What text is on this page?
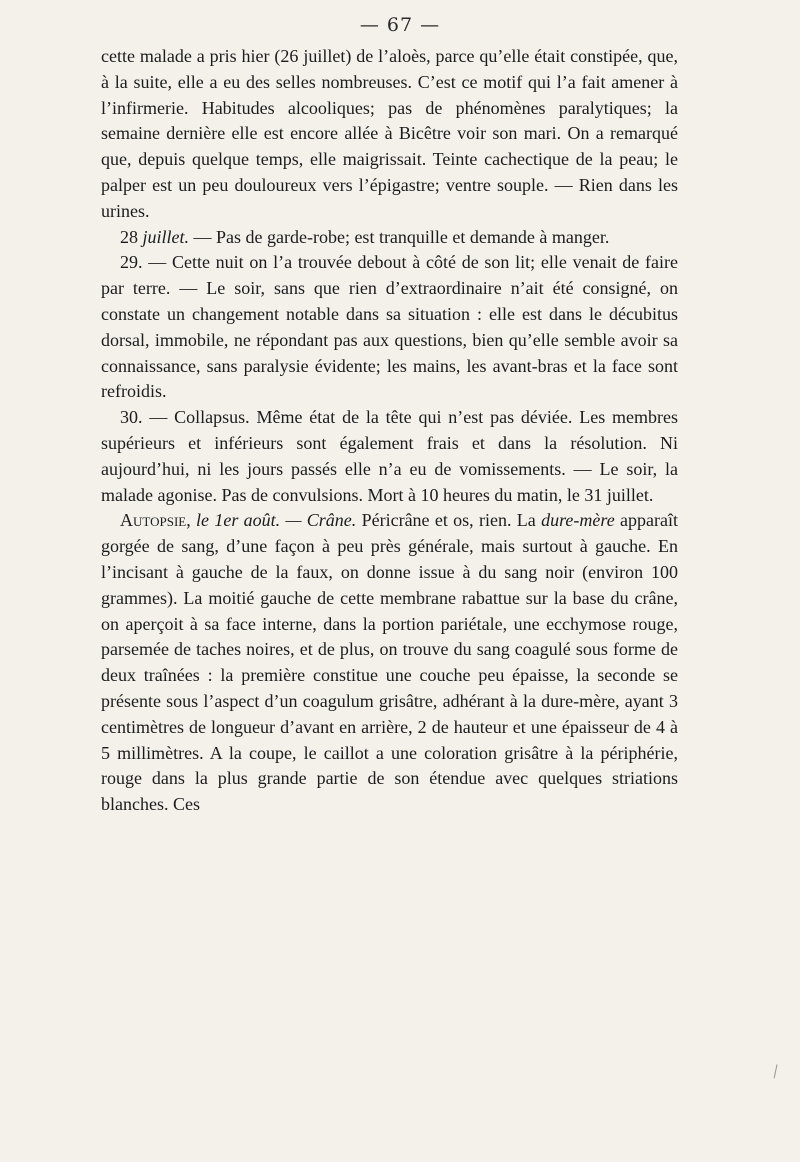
— 67 —

cette malade a pris hier (26 juillet) de l’aloès, parce qu’elle était constipée, que, à la suite, elle a eu des selles nombreuses. C’est ce motif qui l’a fait amener à l’infirmerie. Habitudes alcooliques; pas de phénomènes paralytiques; la semaine dernière elle est encore allée à Bicêtre voir son mari. On a remarqué que, depuis quelque temps, elle maigrissait. Teinte cachectique de la peau; le palper est un peu douloureux vers l’épigastre; ventre souple. — Rien dans les urines.

28 juillet. — Pas de garde-robe; est tranquille et demande à manger.

29. — Cette nuit on l’a trouvée debout à côté de son lit; elle venait de faire par terre. — Le soir, sans que rien d’extraordinaire n’ait été consigné, on constate un changement notable dans sa situation : elle est dans le décubitus dorsal, immobile, ne répondant pas aux questions, bien qu’elle semble avoir sa connaissance, sans paralysie évidente; les mains, les avant-bras et la face sont refroidis.

30. — Collapsus. Même état de la tête qui n’est pas déviée. Les membres supérieurs et inférieurs sont également frais et dans la résolution. Ni aujourd’hui, ni les jours passés elle n’a eu de vomissements. — Le soir, la malade agonise. Pas de convulsions. Mort à 10 heures du matin, le 31 juillet.

Autopsie, le 1er août. — Crâne. Péricrâne et os, rien. La dure-mère apparaît gorgée de sang, d’une façon à peu près générale, mais surtout à gauche. En l’incisant à gauche de la faux, on donne issue à du sang noir (environ 100 grammes). La moitié gauche de cette membrane rabattue sur la base du crâne, on aperçoit à sa face interne, dans la portion pariétale, une ecchymose rouge, parsemée de taches noires, et de plus, on trouve du sang coagulé sous forme de deux traînées : la première constitue une couche peu épaisse, la seconde se présente sous l’aspect d’un coagulum grisâtre, adhérant à la dure-mère, ayant 3 centimètres de longueur d’avant en arrière, 2 de hauteur et une épaisseur de 4 à 5 millimètres. A la coupe, le caillot a une coloration grisâtre à la périphérie, rouge dans la plus grande partie de son étendue avec quelques striations blanches. Ces
